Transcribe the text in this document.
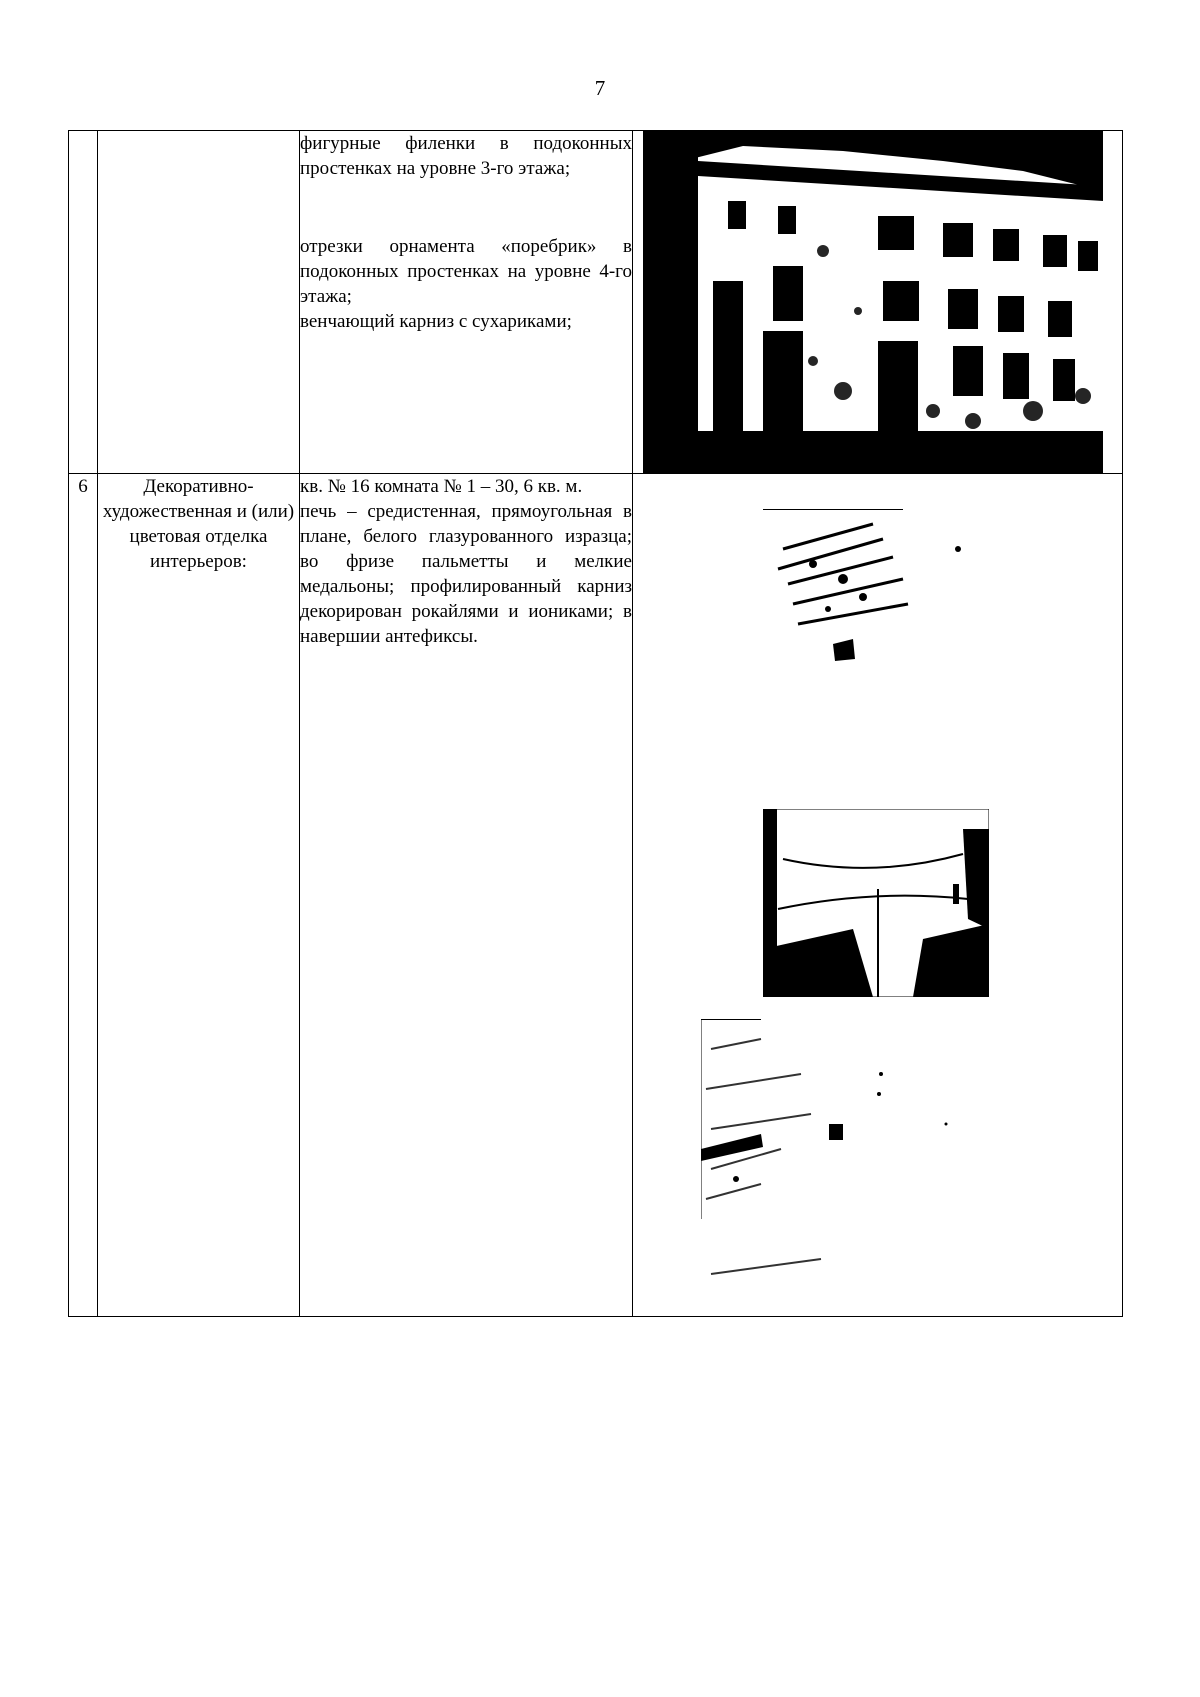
7

		фигурные филенки в подоконных простенках на уровне 3-го этажа;
отрезки орнамента «поребрик» в подоконных простенках на уровне 4-го этажа;
венчающий карниз с сухариками;

6	Декоративно-художественная и (или) цветовая отделка интерьеров:	кв. № 16 комната № 1 – 30, 6 кв. м.
печь – средистенная, прямоугольная в плане, белого глазурованного изразца; во фризе пальметты и мелкие медальоны; профилированный карниз декорирован рокайлями и иониками; в навершии антефиксы.
